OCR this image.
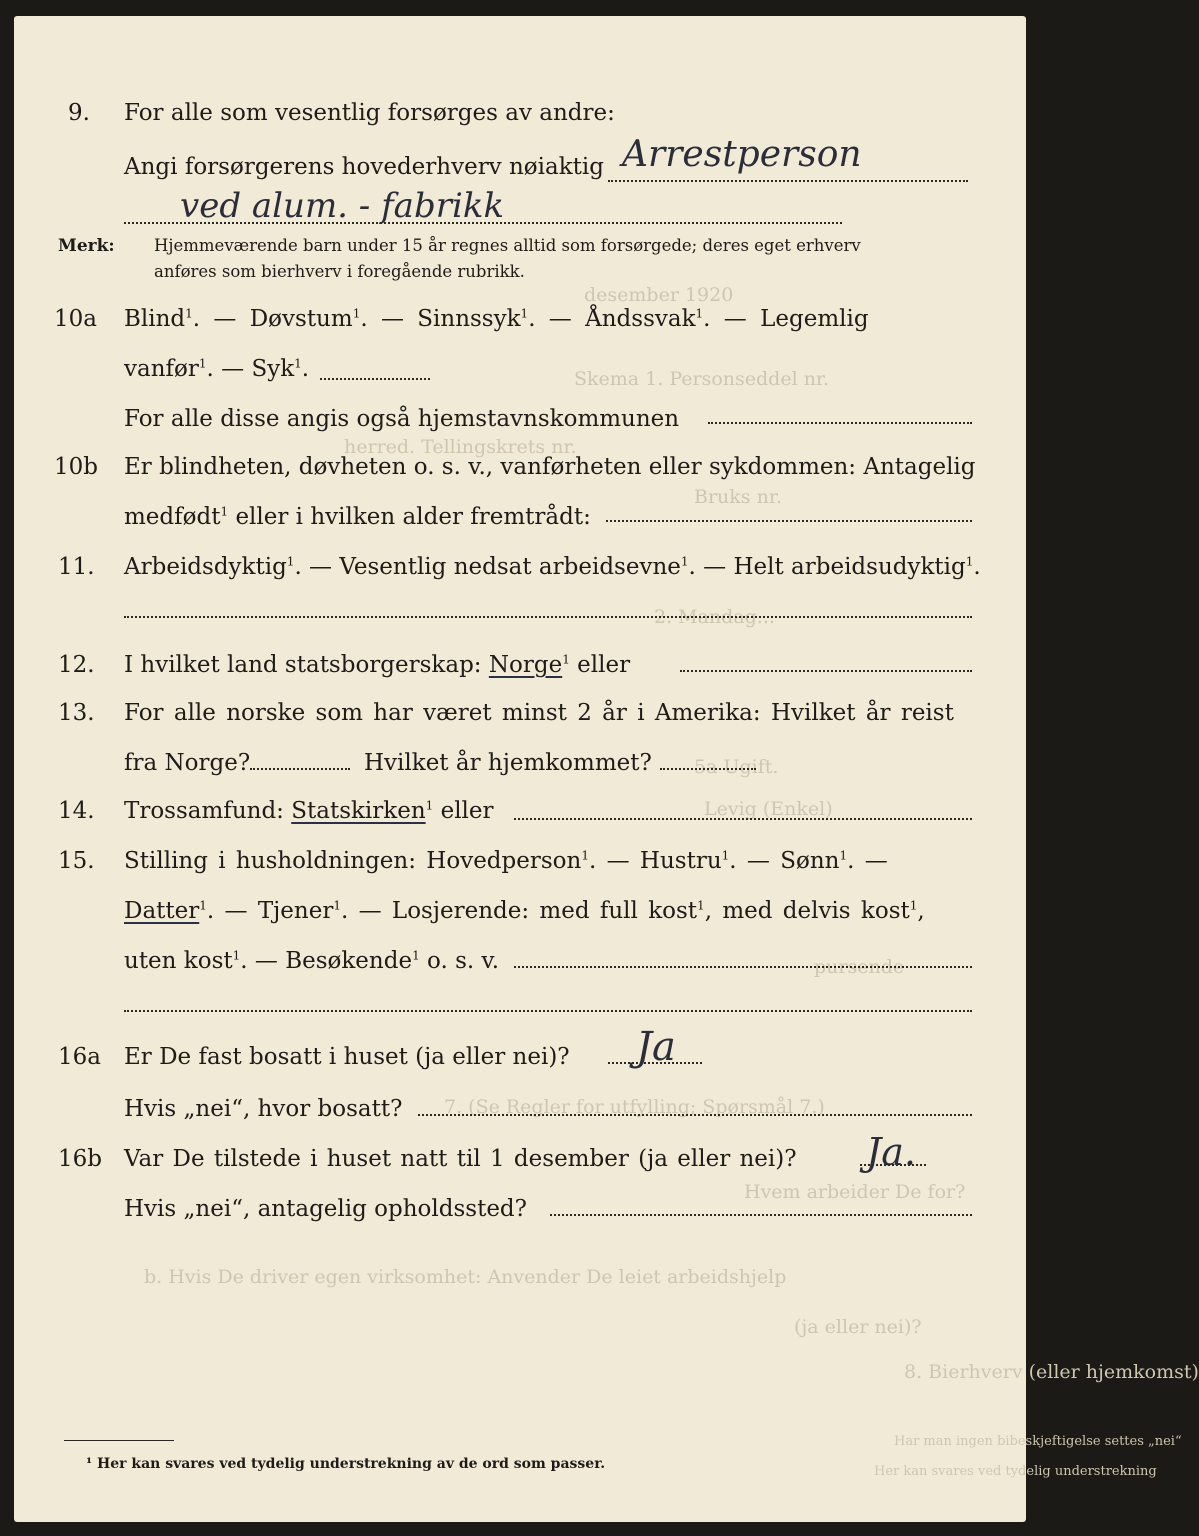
desember 1920
Skema 1. Personseddel nr.
herred. Tellingskrets nr.
Bruks nr.
2. Mandag...
5a Ugift.
Levig (Enkel)
pursende
7. (Se Regler for utfylling; Spørsmål 7.)
Hvem arbeider De for?
b. Hvis De driver egen virksomhet: Anvender De leiet arbeidshjelp
(ja eller nei)?
8. Bierhverv (eller hjemkomst)
Har man ingen bibeskjeftigelse settes „nei“
Her kan svares ved tydelig understrekning
9. For alle som vesentlig forsørges av andre:
Angi forsørgerens hovederhverv nøiaktig Arrestperson
ved alum. - fabrikk
Merk: Hjemmeværende barn under 15 år regnes alltid som forsørgede; deres eget erhverv
anføres som bierhverv i foregående rubrikk.
10a Blind$^1$. — Døvstum$^1$. — Sinnssyk$^1$. — Åndssvak$^1$. — Legemlig
vanfør$^1$. — Syk$^1$.
For alle disse angis også hjemstavnskommunen
10b Er blindheten, døvheten o. s. v., vanførheten eller sykdommen: Antagelig
medfødt$^1$ eller i hvilken alder fremtrådt:
11. Arbeidsdyktig$^1$. — Vesentlig nedsat arbeidsevne$^1$. — Helt arbeidsudyktig$^1$.
12. I hvilket land statsborgerskap: Norge$^1$ eller
13. For alle norske som har været minst 2 år i Amerika: Hvilket år reist
fra Norge?	Hvilket år hjemkommet?
14. Trossamfund: Statskirken$^1$ eller
15. Stilling i husholdningen: Hovedperson$^1$. — Hustru$^1$. — Sønn$^1$. —
Datter$^1$. — Tjener$^1$. — Losjerende: med full kost$^1$, med delvis kost$^1$,
uten kost$^1$. — Besøkende$^1$ o. s. v.
16a Er De fast bosatt i huset (ja eller nei)? Ja
Hvis „nei“, hvor bosatt?
16b Var De tilstede i huset natt til 1 desember (ja eller nei)? Ja.
Hvis „nei“, antagelig opholdssted?
¹ Her kan svares ved tydelig understrekning av de ord som passer.
